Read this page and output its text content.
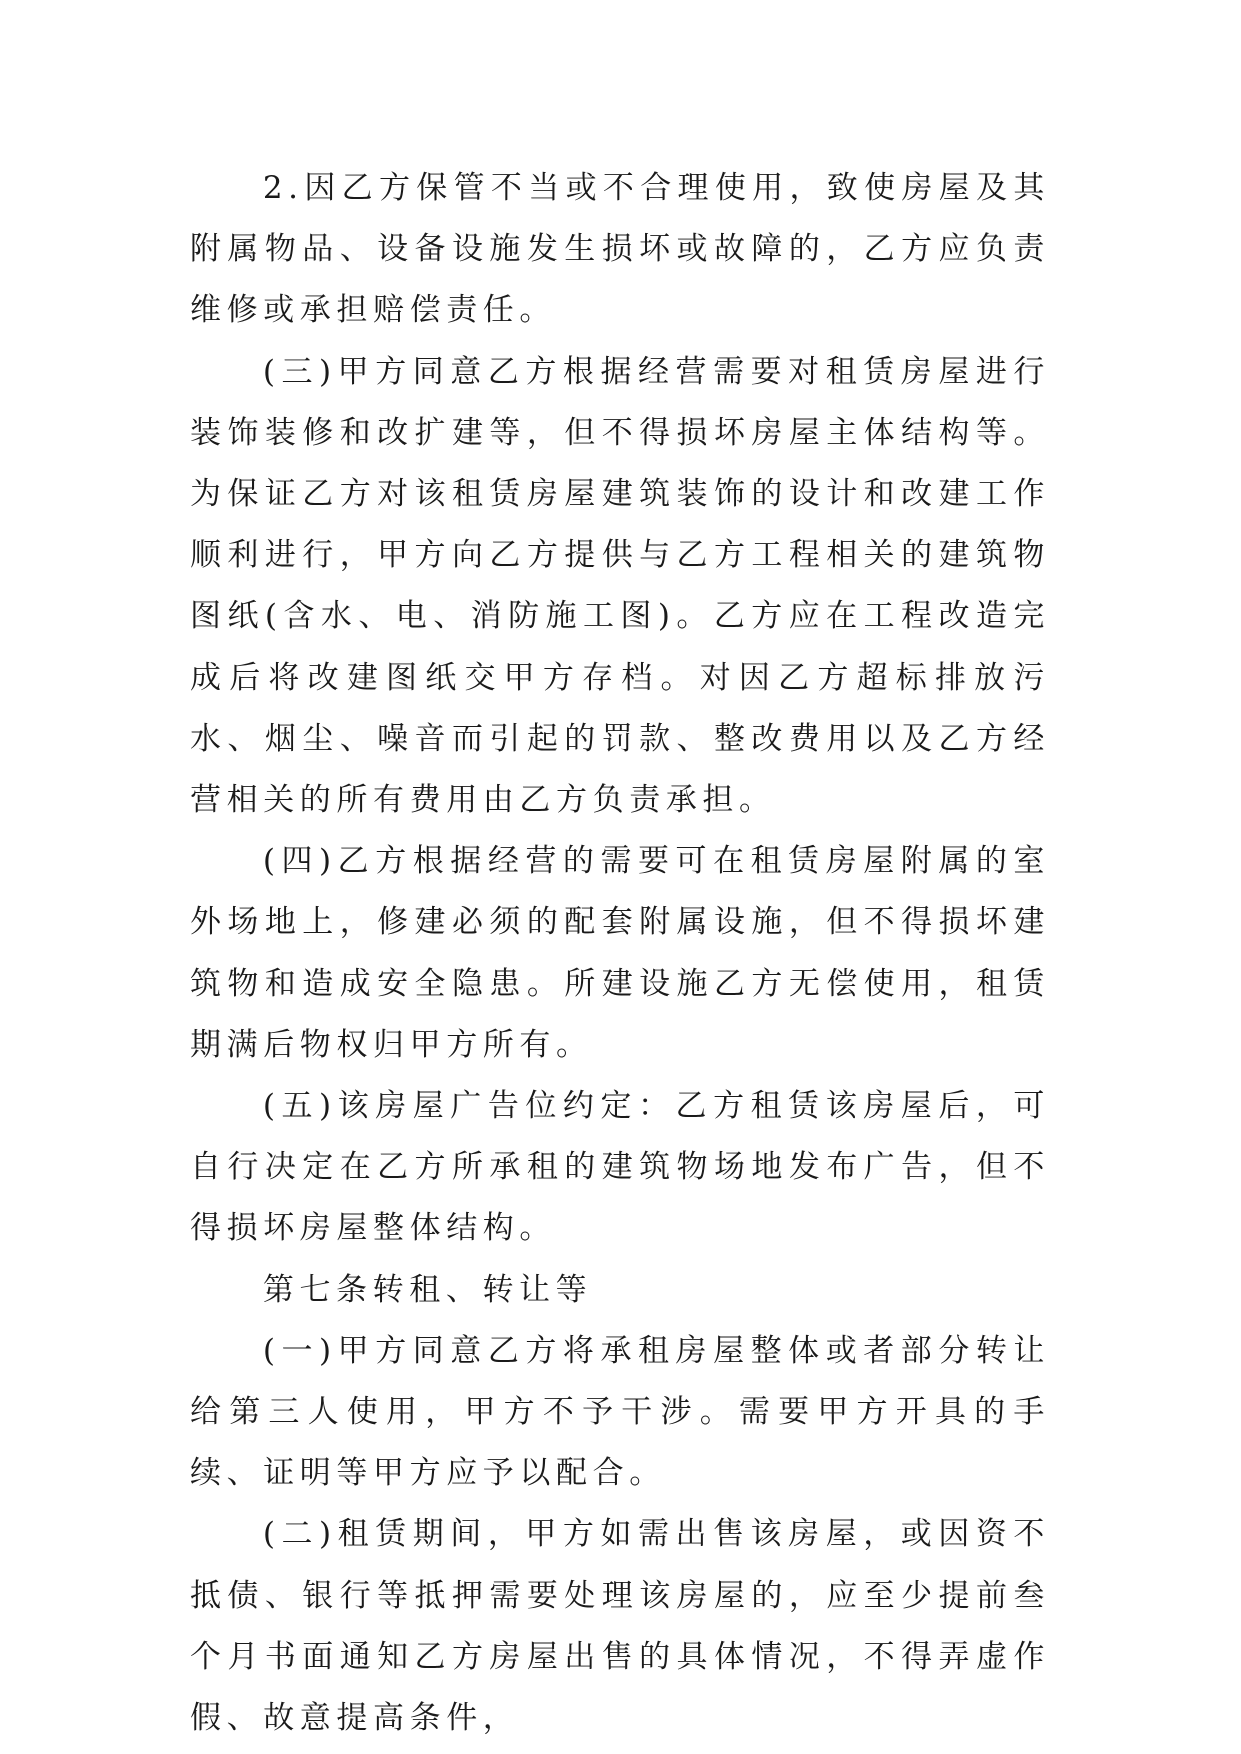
2.因乙方保管不当或不合理使用，致使房屋及其附属物品、设备设施发生损坏或故障的，乙方应负责维修或承担赔偿责任。

(三)甲方同意乙方根据经营需要对租赁房屋进行装饰装修和改扩建等，但不得损坏房屋主体结构等。为保证乙方对该租赁房屋建筑装饰的设计和改建工作顺利进行，甲方向乙方提供与乙方工程相关的建筑物图纸(含水、电、消防施工图)。乙方应在工程改造完成后将改建图纸交甲方存档。对因乙方超标排放污水、烟尘、噪音而引起的罚款、整改费用以及乙方经营相关的所有费用由乙方负责承担。

(四)乙方根据经营的需要可在租赁房屋附属的室外场地上，修建必须的配套附属设施，但不得损坏建筑物和造成安全隐患。所建设施乙方无偿使用，租赁期满后物权归甲方所有。

(五)该房屋广告位约定：乙方租赁该房屋后，可自行决定在乙方所承租的建筑物场地发布广告，但不得损坏房屋整体结构。

第七条转租、转让等

(一)甲方同意乙方将承租房屋整体或者部分转让给第三人使用，甲方不予干涉。需要甲方开具的手续、证明等甲方应予以配合。

(二)租赁期间，甲方如需出售该房屋，或因资不抵债、银行等抵押需要处理该房屋的，应至少提前叁个月书面通知乙方房屋出售的具体情况，不得弄虚作假、故意提高条件，
